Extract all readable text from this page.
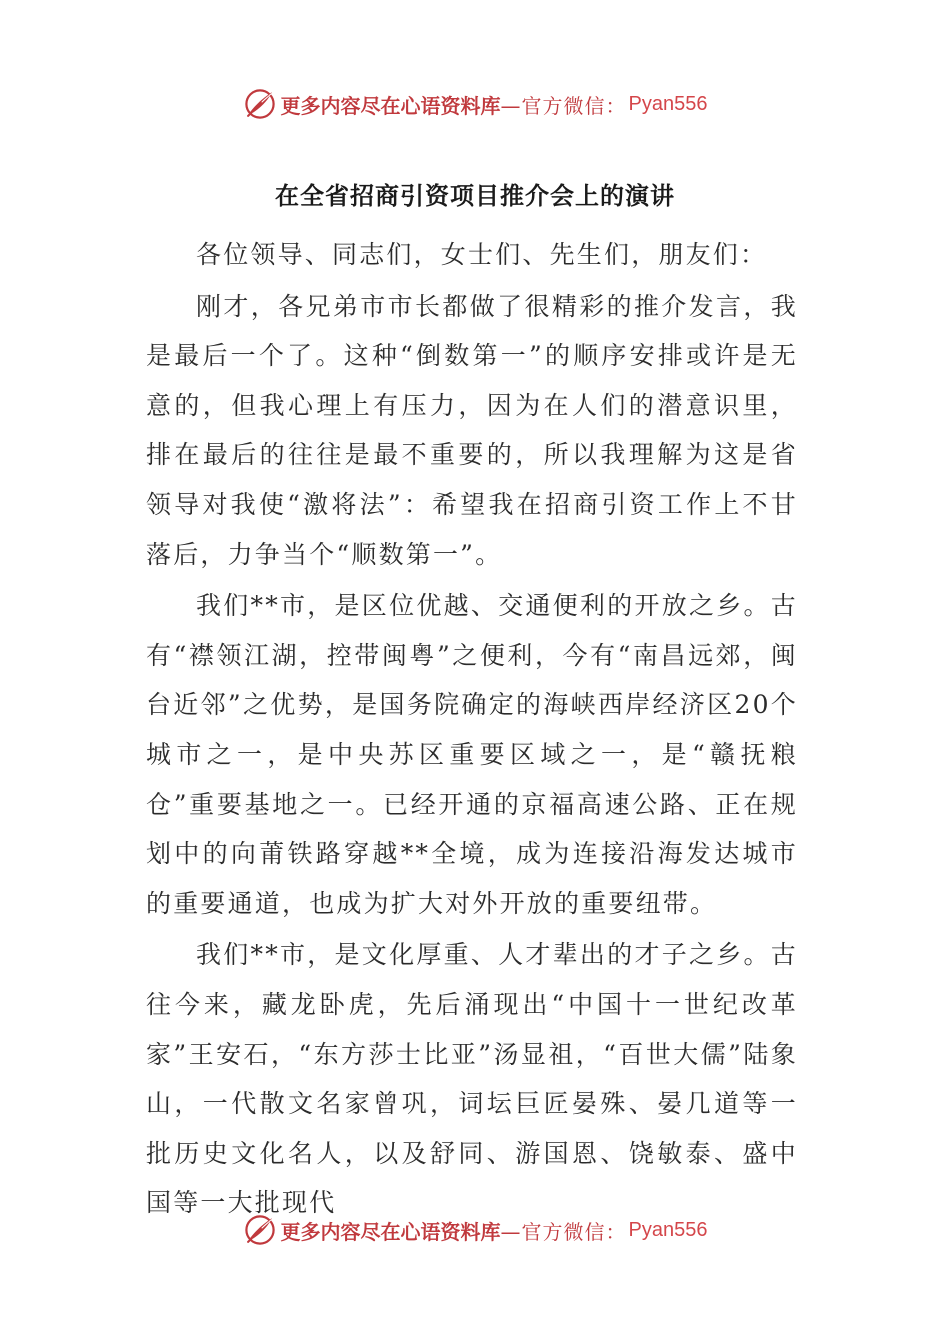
更多内容尽在心语资料库 —官方微信： Pyan556
在全省招商引资项目推介会上的演讲

各位领导、同志们，女士们、先生们，朋友们：

刚才，各兄弟市市长都做了很精彩的推介发言，我是最后一个了。这种“倒数第一”的顺序安排或许是无意的，但我心理上有压力，因为在人们的潜意识里，排在最后的往往是最不重要的，所以我理解为这是省领导对我使“激将法”：希望我在招商引资工作上不甘落后，力争当个“顺数第一”。

我们**市，是区位优越、交通便利的开放之乡。古有“襟领江湖，控带闽粤”之便利，今有“南昌远郊，闽台近邻”之优势，是国务院确定的海峡西岸经济区20个城市之一，是中央苏区重要区域之一，是“赣抚粮仓”重要基地之一。已经开通的京福高速公路、正在规划中的向莆铁路穿越**全境，成为连接沿海发达城市的重要通道，也成为扩大对外开放的重要纽带。

我们**市，是文化厚重、人才辈出的才子之乡。古往今来，藏龙卧虎，先后涌现出“中国十一世纪改革家”王安石，“东方莎士比亚”汤显祖，“百世大儒”陆象山，一代散文名家曾巩，词坛巨匠晏殊、晏几道等一批历史文化名人，以及舒同、游国恩、饶敏泰、盛中国等一大批现代

更多内容尽在心语资料库 —官方微信： Pyan556
